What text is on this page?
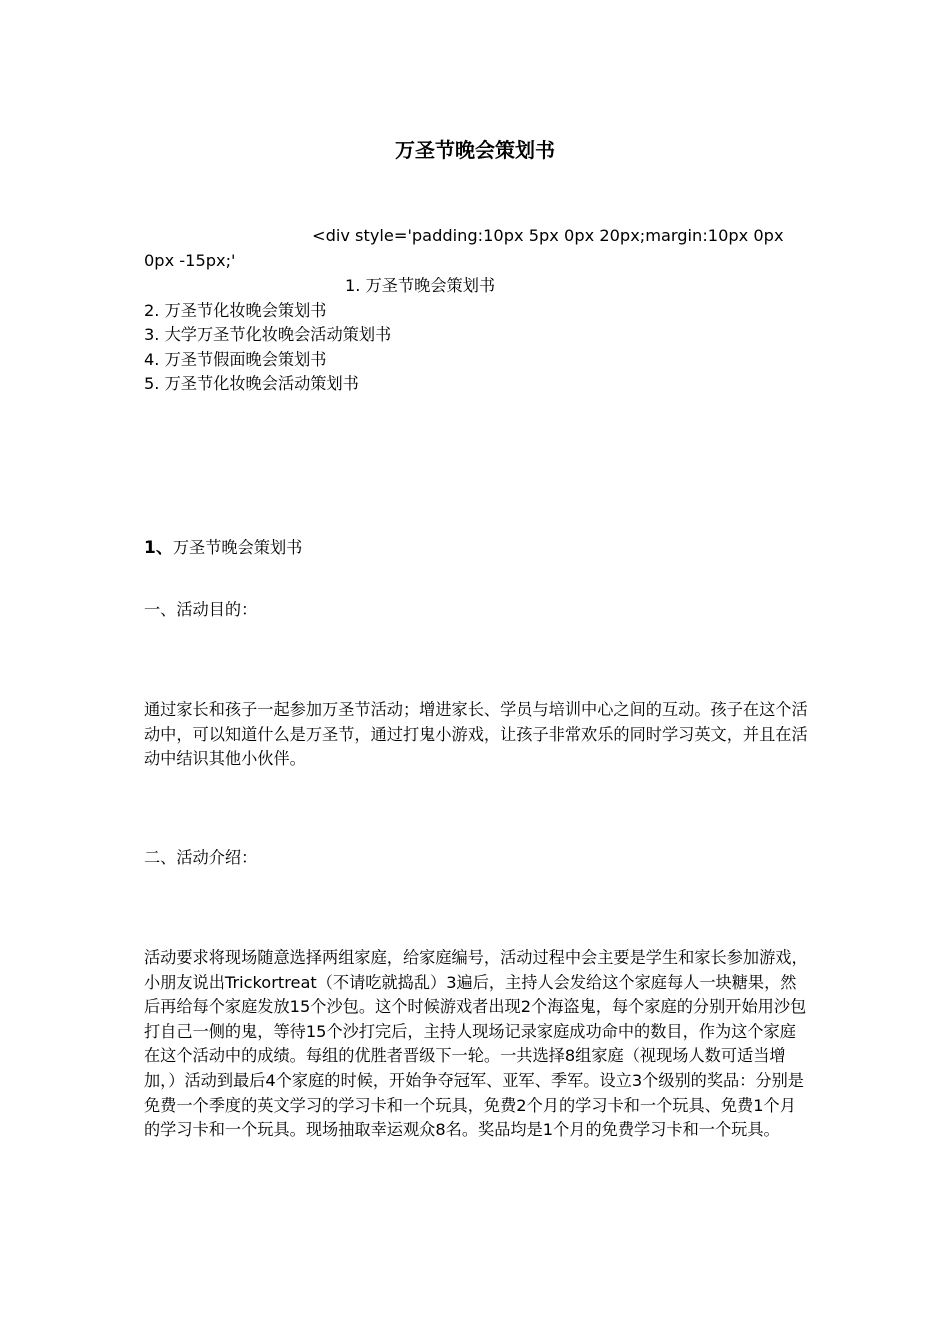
万圣节晚会策划书
<div style='padding:10px 5px 0px 20px;margin:10px 0px 0px -15px;'
1. 万圣节晚会策划书
2. 万圣节化妆晚会策划书
3. 大学万圣节化妆晚会活动策划书
4. 万圣节假面晚会策划书
5. 万圣节化妆晚会活动策划书
1、万圣节晚会策划书
一、活动目的：

通过家长和孩子一起参加万圣节活动；增进家长、学员与培训中心之间的互动。孩子在这个活动中，可以知道什么是万圣节，通过打鬼小游戏，让孩子非常欢乐的同时学习英文，并且在活动中结识其他小伙伴。

二、活动介绍：

活动要求将现场随意选择两组家庭，给家庭编号，活动过程中会主要是学生和家长参加游戏，小朋友说出Trickortreat（不请吃就捣乱）3遍后，主持人会发给这个家庭每人一块糖果，然后再给每个家庭发放15个沙包。这个时候游戏者出现2个海盗鬼，每个家庭的分别开始用沙包打自己一侧的鬼，等待15个沙打完后，主持人现场记录家庭成功命中的数目，作为这个家庭在这个活动中的成绩。每组的优胜者晋级下一轮。一共选择8组家庭（视现场人数可适当增加，）活动到最后4个家庭的时候，开始争夺冠军、亚军、季军。设立3个级别的奖品：分别是免费一个季度的英文学习的学习卡和一个玩具，免费2个月的学习卡和一个玩具、免费1个月的学习卡和一个玩具。现场抽取幸运观众8名。奖品均是1个月的免费学习卡和一个玩具。
